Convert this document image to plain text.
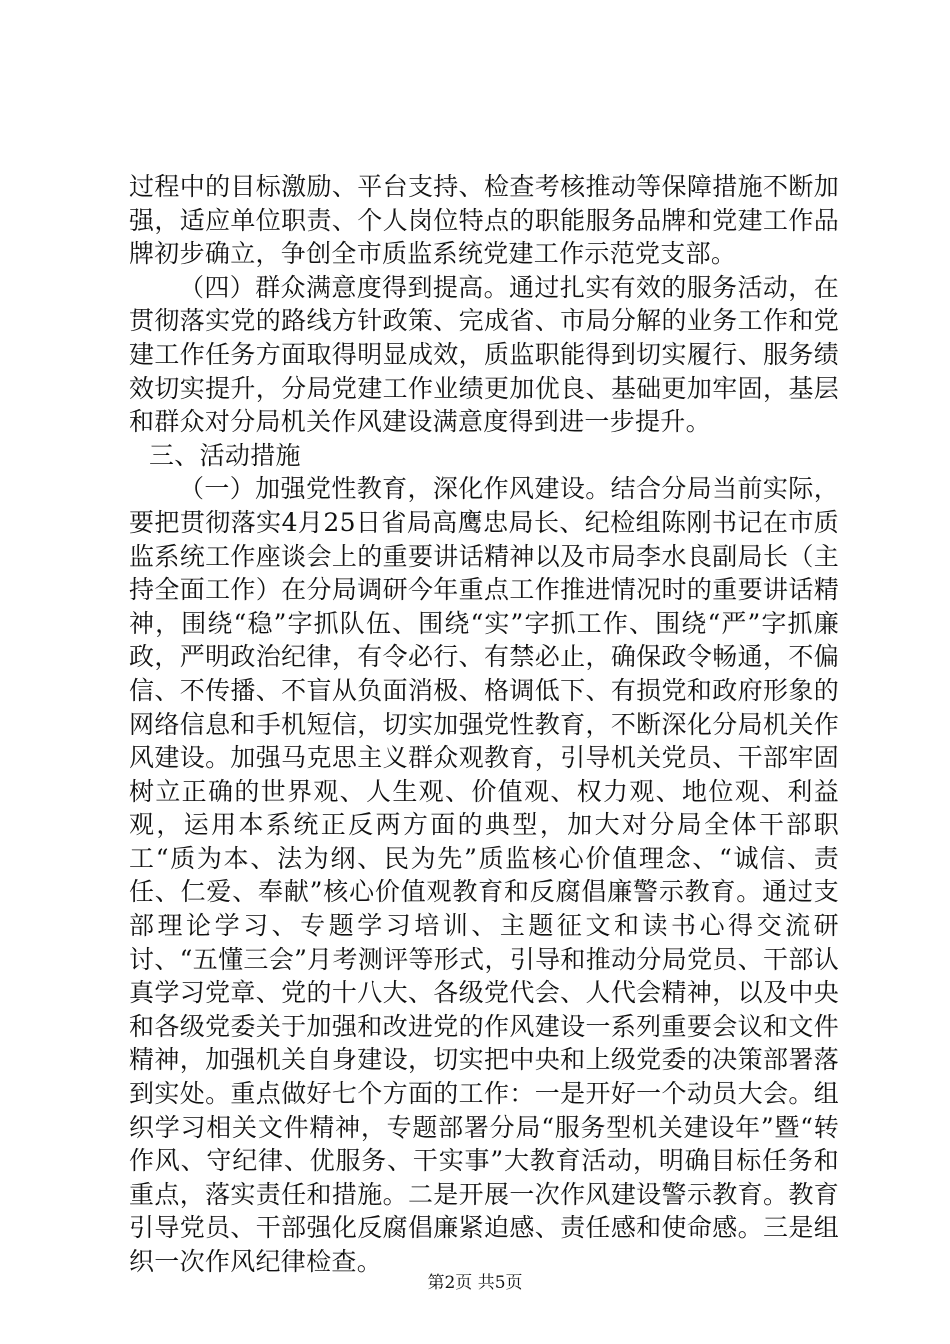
过程中的目标激励、平台支持、检查考核推动等保障措施不断加强，适应单位职责、个人岗位特点的职能服务品牌和党建工作品牌初步确立，争创全市质监系统党建工作示范党支部。

（四）群众满意度得到提高。通过扎实有效的服务活动，在贯彻落实党的路线方针政策、完成省、市局分解的业务工作和党建工作任务方面取得明显成效，质监职能得到切实履行、服务绩效切实提升，分局党建工作业绩更加优良、基础更加牢固，基层和群众对分局机关作风建设满意度得到进一步提升。

三、活动措施

（一）加强党性教育，深化作风建设。结合分局当前实际，要把贯彻落实4月25日省局高鹰忠局长、纪检组陈刚书记在市质监系统工作座谈会上的重要讲话精神以及市局李水良副局长（主持全面工作）在分局调研今年重点工作推进情况时的重要讲话精神，围绕“稳”字抓队伍、围绕“实”字抓工作、围绕“严”字抓廉政，严明政治纪律，有令必行、有禁必止，确保政令畅通，不偏信、不传播、不盲从负面消极、格调低下、有损党和政府形象的网络信息和手机短信，切实加强党性教育，不断深化分局机关作风建设。加强马克思主义群众观教育，引导机关党员、干部牢固树立正确的世界观、人生观、价值观、权力观、地位观、利益观，运用本系统正反两方面的典型，加大对分局全体干部职工“质为本、法为纲、民为先”质监核心价值理念、“诚信、责任、仁爱、奉献”核心价值观教育和反腐倡廉警示教育。通过支部理论学习、专题学习培训、主题征文和读书心得交流研讨、“五懂三会”月考测评等形式，引导和推动分局党员、干部认真学习党章、党的十八大、各级党代会、人代会精神，以及中央和各级党委关于加强和改进党的作风建设一系列重要会议和文件精神，加强机关自身建设，切实把中央和上级党委的决策部署落到实处。重点做好七个方面的工作：一是开好一个动员大会。组织学习相关文件精神，专题部署分局“服务型机关建设年”暨“转作风、守纪律、优服务、干实事”大教育活动，明确目标任务和重点，落实责任和措施。二是开展一次作风建设警示教育。教育引导党员、干部强化反腐倡廉紧迫感、责任感和使命感。三是组织一次作风纪律检查。

第2页 共5页
